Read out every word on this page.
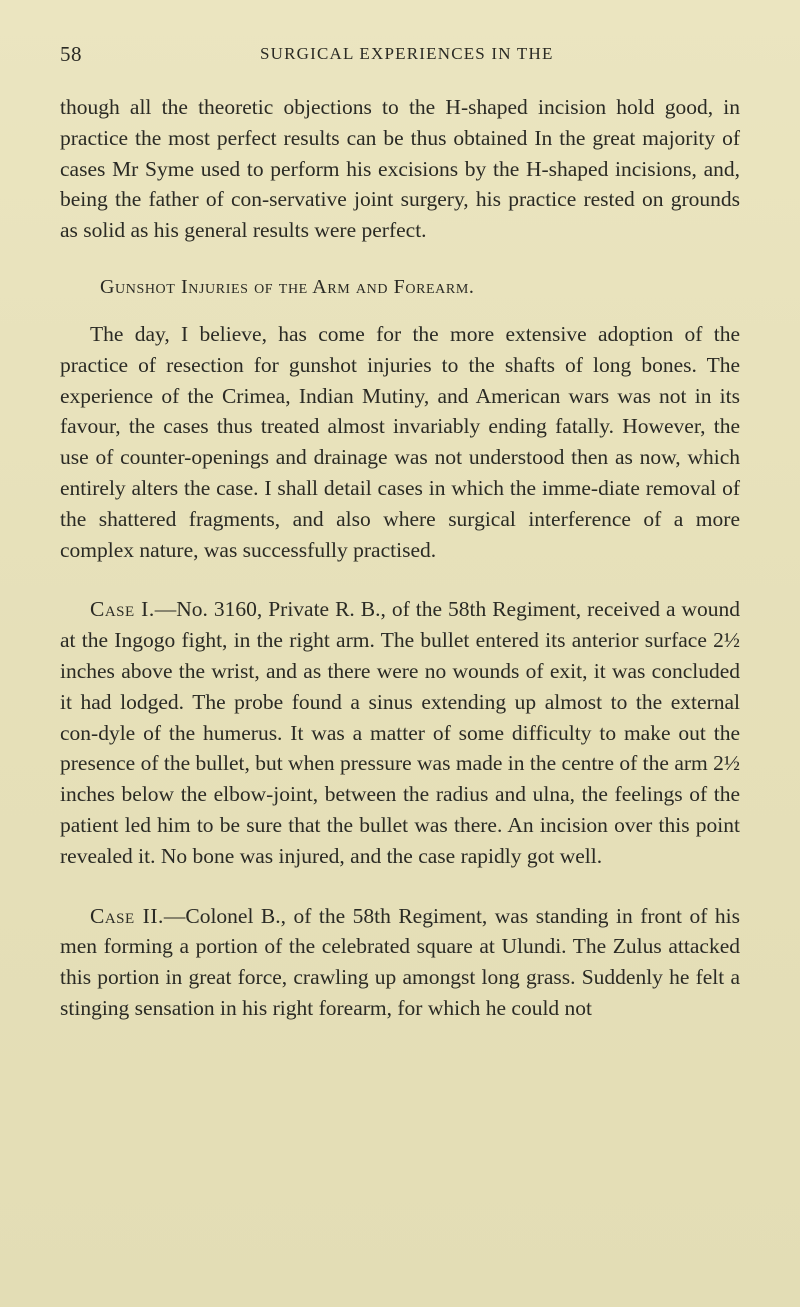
58	SURGICAL EXPERIENCES IN THE

though all the theoretic objections to the H-shaped incision hold good, in practice the most perfect results can be thus obtained In the great majority of cases Mr Syme used to perform his excisions by the H-shaped incisions, and, being the father of con-servative joint surgery, his practice rested on grounds as solid as his general results were perfect.

Gunshot Injuries of the Arm and Forearm.

The day, I believe, has come for the more extensive adoption of the practice of resection for gunshot injuries to the shafts of long bones. The experience of the Crimea, Indian Mutiny, and American wars was not in its favour, the cases thus treated almost invariably ending fatally. However, the use of counter-openings and drainage was not understood then as now, which entirely alters the case. I shall detail cases in which the imme-diate removal of the shattered fragments, and also where surgical interference of a more complex nature, was successfully practised.

Case I.—No. 3160, Private R. B., of the 58th Regiment, received a wound at the Ingogo fight, in the right arm. The bullet entered its anterior surface 2½ inches above the wrist, and as there were no wounds of exit, it was concluded it had lodged. The probe found a sinus extending up almost to the external con-dyle of the humerus. It was a matter of some difficulty to make out the presence of the bullet, but when pressure was made in the centre of the arm 2½ inches below the elbow-joint, between the radius and ulna, the feelings of the patient led him to be sure that the bullet was there. An incision over this point revealed it. No bone was injured, and the case rapidly got well.

Case II.—Colonel B., of the 58th Regiment, was standing in front of his men forming a portion of the celebrated square at Ulundi. The Zulus attacked this portion in great force, crawling up amongst long grass. Suddenly he felt a stinging sensation in his right forearm, for which he could not
